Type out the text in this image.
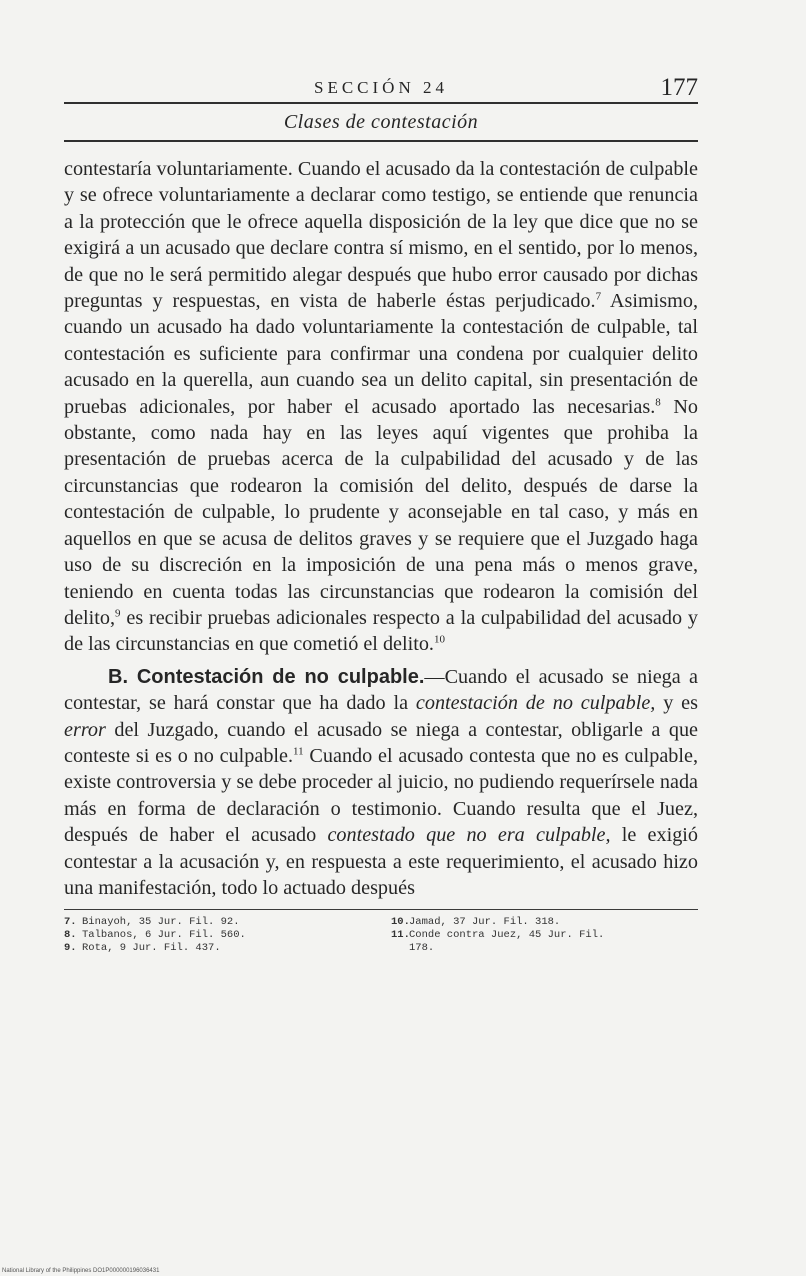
SECCIÓN 24	177
Clases de contestación

contestaría voluntariamente. Cuando el acusado da la contestación de culpable y se ofrece voluntariamente a declarar como testigo, se entiende que renuncia a la protección que le ofrece aquella disposición de la ley que dice que no se exigirá a un acusado que declare contra sí mismo, en el sentido, por lo menos, de que no le será permitido alegar después que hubo error causado por dichas preguntas y respuestas, en vista de haberle éstas perjudicado.$^7$ Asimismo, cuando un acusado ha dado voluntariamente la contestación de culpable, tal contestación es suficiente para confirmar una condena por cualquier delito acusado en la querella, aun cuando sea un delito capital, sin presentación de pruebas adicionales, por haber el acusado aportado las necesarias.$^8$ No obstante, como nada hay en las leyes aquí vigentes que prohiba la presentación de pruebas acerca de la culpabilidad del acusado y de las circunstancias que rodearon la comisión del delito, después de darse la contestación de culpable, lo prudente y aconsejable en tal caso, y más en aquellos en que se acusa de delitos graves y se requiere que el Juzgado haga uso de su discreción en la imposición de una pena más o menos grave, teniendo en cuenta todas las circunstancias que rodearon la comisión del delito,$^9$ es recibir pruebas adicionales respecto a la culpabilidad del acusado y de las circunstancias en que cometió el delito.$^{10}$

B. Contestación de no culpable.—Cuando el acusado se niega a contestar, se hará constar que ha dado la contestación de no culpable, y es error del Juzgado, cuando el acusado se niega a contestar, obligarle a que conteste si es o no culpable.$^{11}$ Cuando el acusado contesta que no es culpable, existe controversia y se debe proceder al juicio, no pudiendo requerírsele nada más en forma de declaración o testimonio. Cuando resulta que el Juez, después de haber el acusado contestado que no era culpable, le exigió contestar a la acusación y, en respuesta a este requerimiento, el acusado hizo una manifestación, todo lo actuado después

7. Binayoh, 35 Jur. Fil. 92.
8. Talbanos, 6 Jur. Fil. 560.
9. Rota, 9 Jur. Fil. 437.
10. Jamad, 37 Jur. Fil. 318.
11. Conde contra Juez, 45 Jur. Fil.
178.
National Library of the Philippines DO1P000000196036431
